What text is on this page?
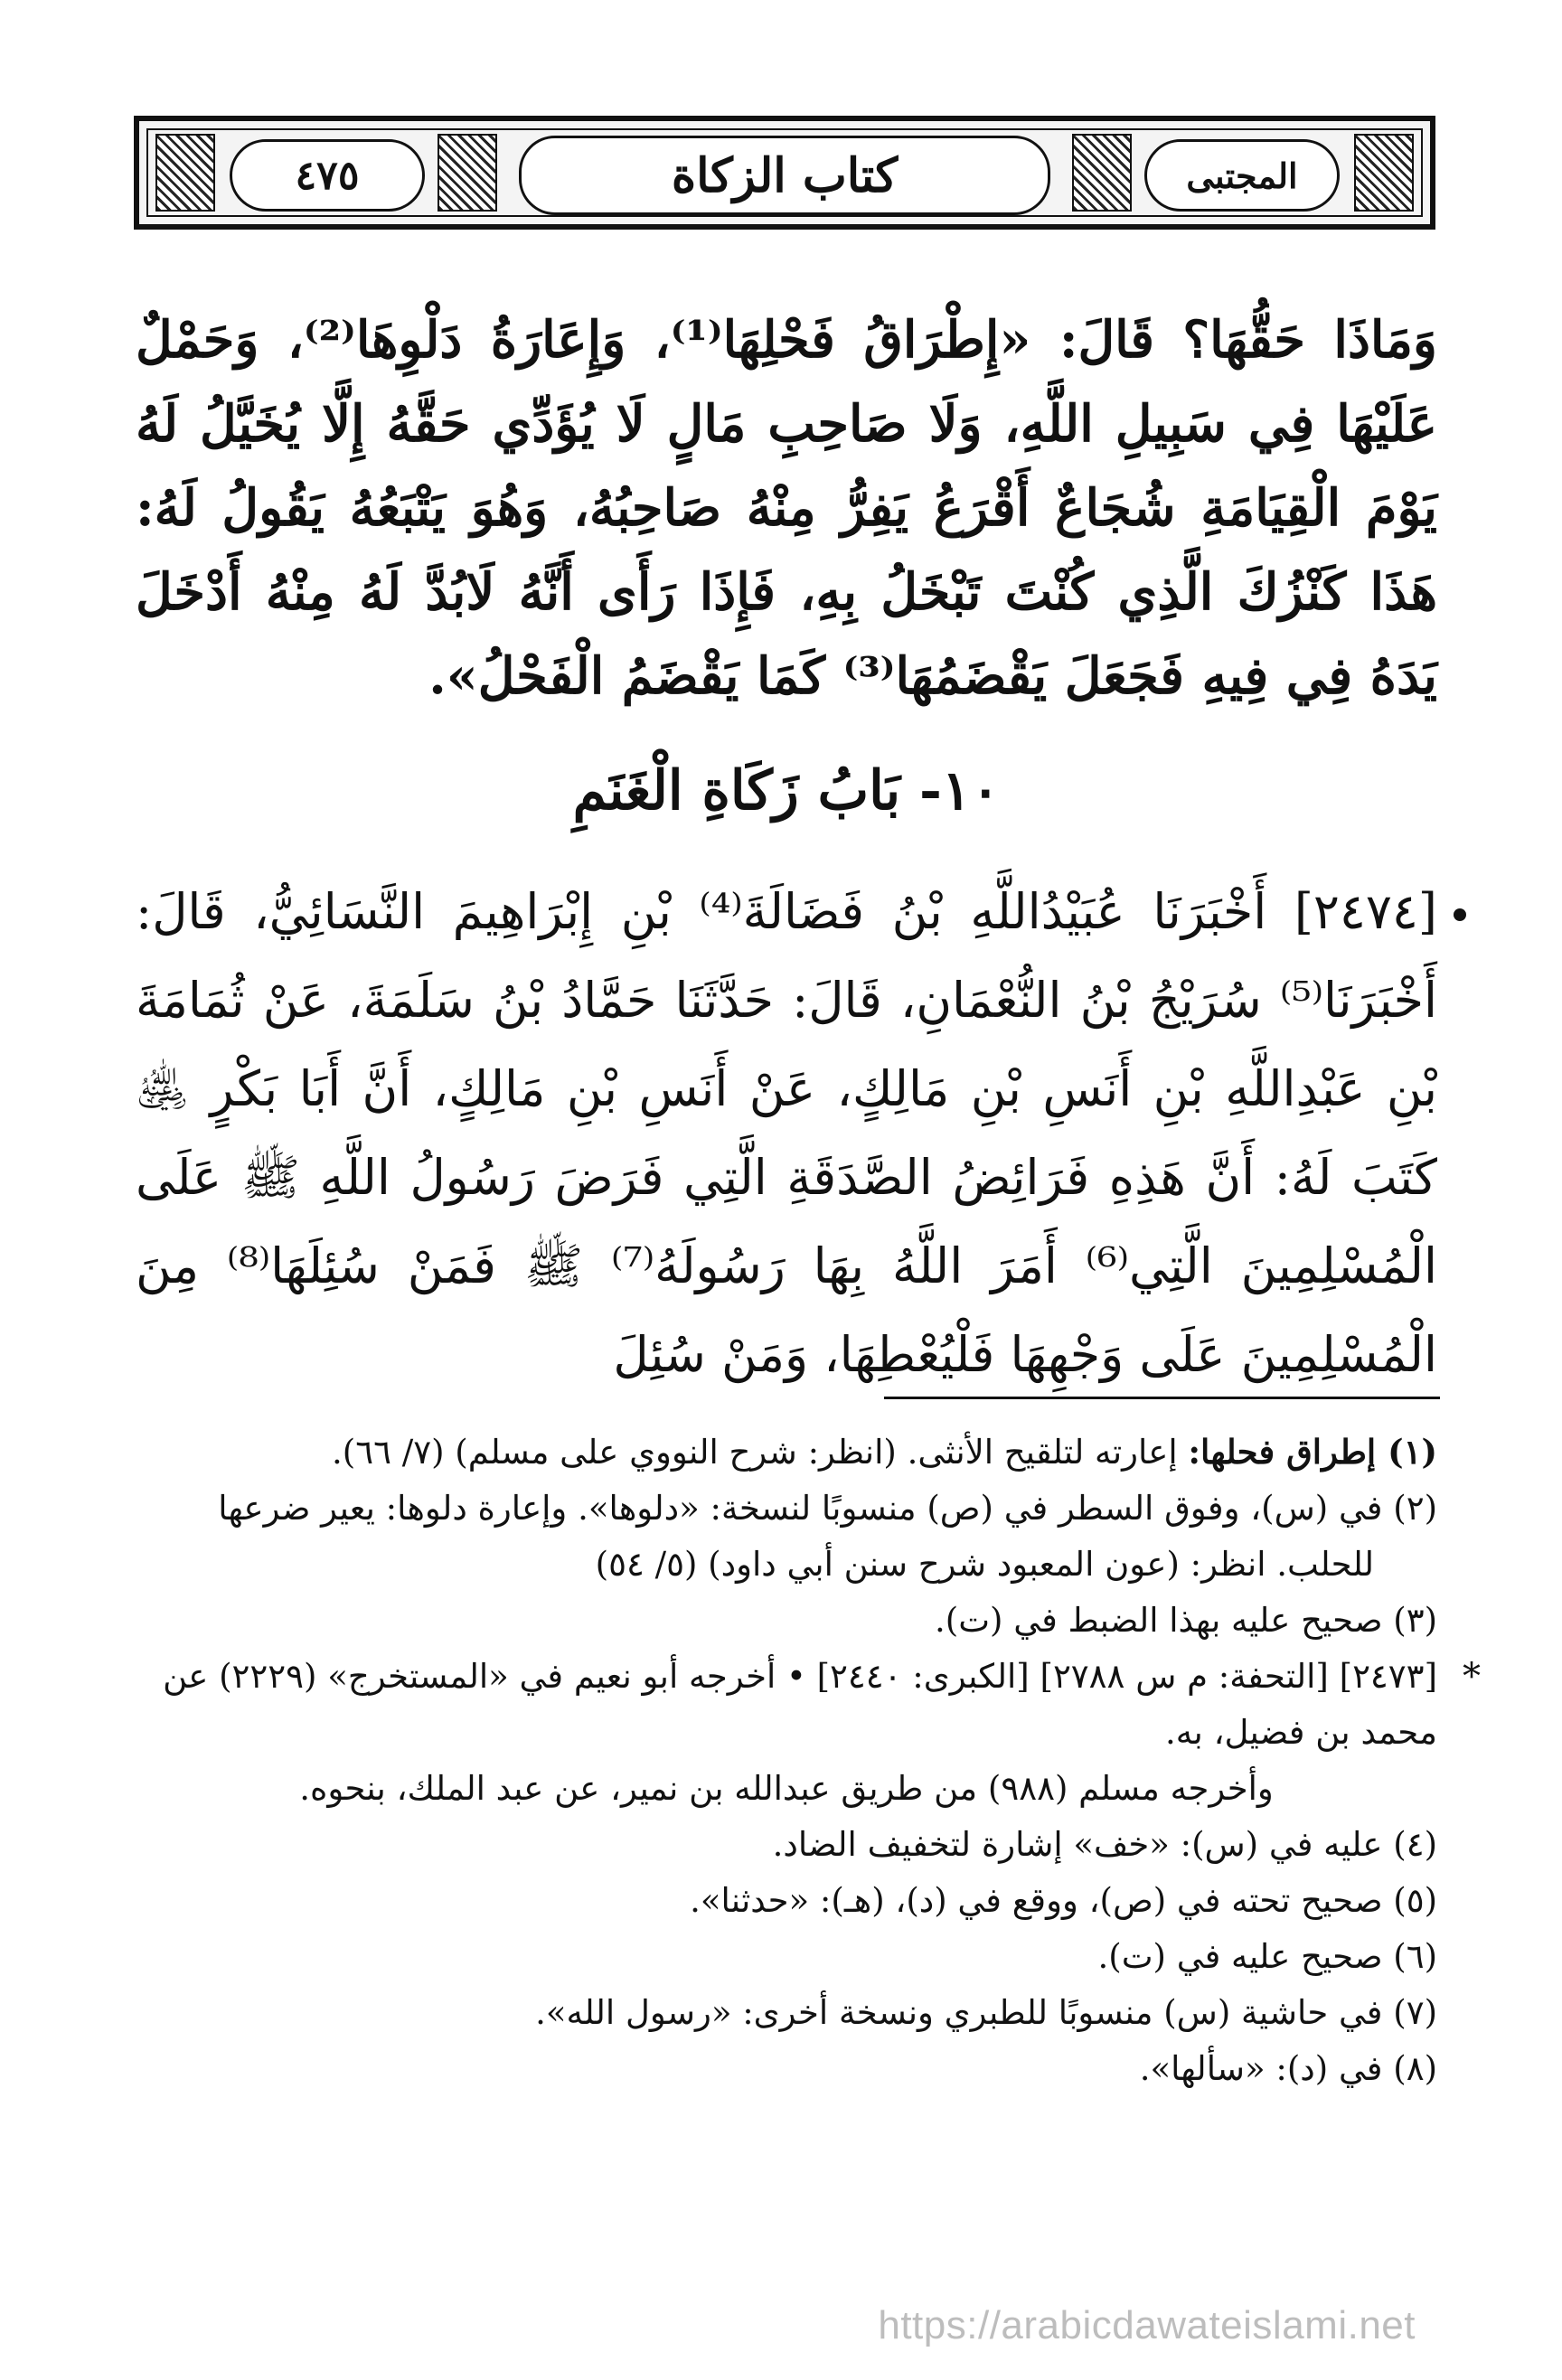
٤٧٥	كتاب الزكاة	المجتبى
وَمَاذَا حَقُّهَا؟ قَالَ: «إِطْرَاقُ فَحْلِهَا⁽¹⁾، وَإِعَارَةُ دَلْوِهَا⁽²⁾، وَحَمْلٌ عَلَيْهَا فِي سَبِيلِ اللَّهِ، وَلَا صَاحِبِ مَالٍ لَا يُؤَدِّي حَقَّهُ إِلَّا يُخَيَّلُ لَهُ يَوْمَ الْقِيَامَةِ شُجَاعٌ أَقْرَعُ يَفِرُّ مِنْهُ صَاحِبُهُ، وَهُوَ يَتْبَعُهُ يَقُولُ لَهُ: هَذَا كَنْزُكَ الَّذِي كُنْتَ تَبْخَلُ بِهِ، فَإِذَا رَأَى أَنَّهُ لَابُدَّ لَهُ مِنْهُ أَدْخَلَ يَدَهُ فِي فِيهِ فَجَعَلَ يَقْضَمُهَا⁽³⁾ كَمَا يَقْضَمُ الْفَحْلُ».
١٠- بَابُ زَكَاةِ الْغَنَمِ
[٢٤٧٤] أَخْبَرَنَا عُبَيْدُاللَّهِ بْنُ فَضَالَةَ⁽⁴⁾ بْنِ إِبْرَاهِيمَ النَّسَائِيُّ، قَالَ: أَخْبَرَنَا⁽⁵⁾ سُرَيْجُ بْنُ النُّعْمَانِ، قَالَ: حَدَّثَنَا حَمَّادُ بْنُ سَلَمَةَ، عَنْ ثُمَامَةَ بْنِ عَبْدِاللَّهِ بْنِ أَنَسِ بْنِ مَالِكٍ، عَنْ أَنَسِ بْنِ مَالِكٍ، أَنَّ أَبَا بَكْرٍ ﵁ كَتَبَ لَهُ: أَنَّ هَذِهِ فَرَائِضُ الصَّدَقَةِ الَّتِي فَرَضَ رَسُولُ اللَّهِ ﷺ عَلَى الْمُسْلِمِينَ الَّتِي⁽⁶⁾ أَمَرَ اللَّهُ بِهَا رَسُولَهُ⁽⁷⁾ ﷺ فَمَنْ سُئِلَهَا⁽⁸⁾ مِنَ الْمُسْلِمِينَ عَلَى وَجْهِهَا فَلْيُعْطِهَا، وَمَنْ سُئِلَ

(١) إطراق فحلها: إعارته لتلقيح الأنثى. (انظر: شرح النووي على مسلم) (٧/ ٦٦).

(٢) في (س)، وفوق السطر في (ص) منسوبًا لنسخة: «دلوها». وإعارة دلوها: يعير ضرعها

للحلب. انظر: (عون المعبود شرح سنن أبي داود) (٥/ ٥٤)

(٣) صحيح عليه بهذا الضبط في (ت).

*
[٢٤٧٣] [التحفة: م س ٢٧٨٨] [الكبرى: ٢٤٤٠] • أخرجه أبو نعيم في «المستخرج» (٢٢٢٩) عن

محمد بن فضيل، به.

وأخرجه مسلم (٩٨٨) من طريق عبدالله بن نمير، عن عبد الملك، بنحوه.

(٤) عليه في (س): «خف» إشارة لتخفيف الضاد.

(٥) صحيح تحته في (ص)، ووقع في (د)، (هـ): «حدثنا».

(٦) صحيح عليه في (ت).

(٧) في حاشية (س) منسوبًا للطبري ونسخة أخرى: «رسول الله».

(٨) في (د): «سألها».

https://arabicdawateislami.net
